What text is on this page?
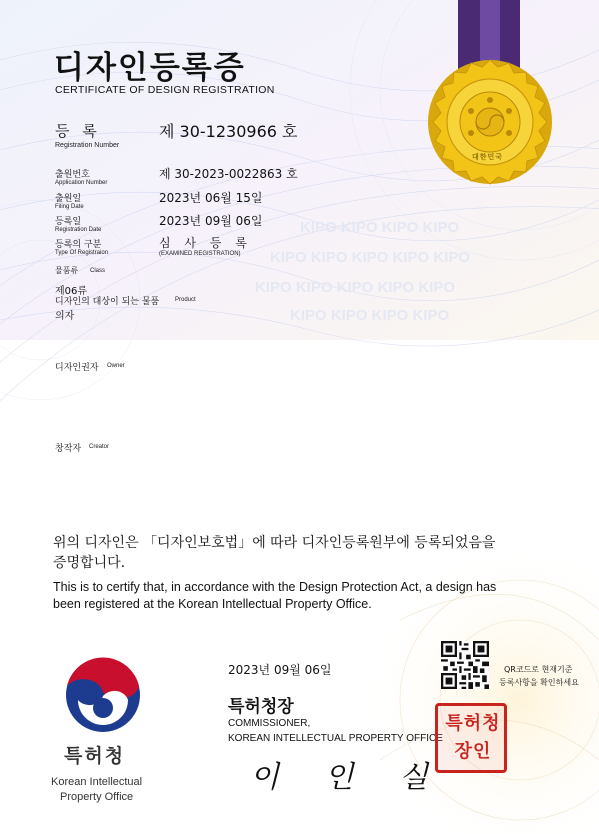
KIPO KIPO KIPO KIPO
KIPO KIPO KIPO KIPO KIPO
KIPO KIPO KIPO KIPO KIPO
KIPO KIPO KIPO KIPO
디자인등록증
CERTIFICATE OF DESIGN REGISTRATION
대한민국
등 록
Registration Number
제 30-1230966 호
출원번호
Application Number
제 30-2023-0022863 호
출원일
Filing Date
2023년 06월 15일
등록일
Registration Date
2023년 09월 06일
등록의 구분
Type Of Registraion
심 사 등 록
(EXAMINED REGISTRATION)
물품류 Class
제06류
디자인의 대상이 되는 물품	Product
의자
디자인권자 Owner
창작자 Creator
위의 디자인은 「디자인보호법」에 따라 디자인등록원부에 등록되었음을
증명합니다.
This is to certify that, in accordance with the Design Protection Act, a design has
been registered at the Korean Intellectual Property Office.
2023년 09월 06일	QR코드로 현재기준
등록사항을 확인하세요
특허청
Korean Intellectual
Property Office
특허청장
COMMISSIONER,
KOREAN INTELLECTUAL PROPERTY OFFICE
이 인 실
특허청장인
